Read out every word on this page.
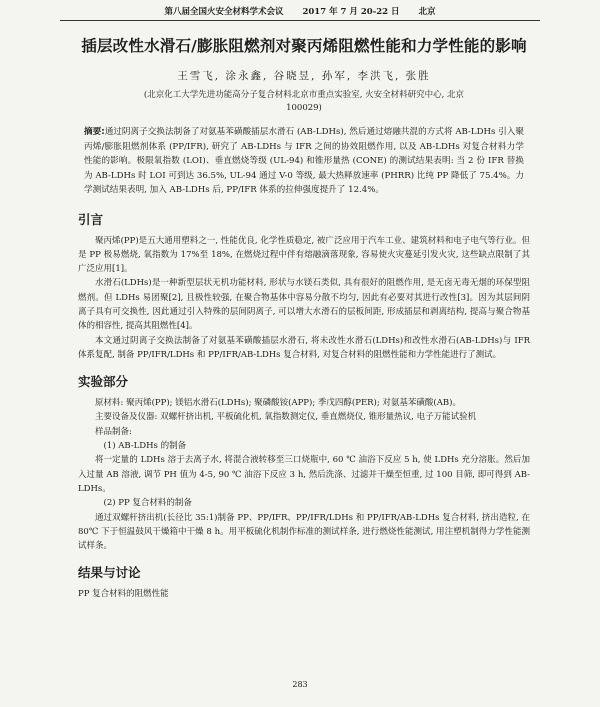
第八届全国火安全材料学术会议 2017 年 7 月 20-22 日 北京
插层改性水滑石/膨胀阻燃剂对聚丙烯阻燃性能和力学性能的影响
王雪飞, 涂永鑫, 谷晓昱, 孙军, 李洪飞, 张胜
(北京化工大学先进功能高分子复合材料北京市重点实验室, 火安全材料研究中心, 北京
100029)
摘要:通过阴离子交换法制备了对氨基苯磺酸插层水滑石 (AB-LDHs), 然后通过熔融共混的方式将 AB-LDHs 引入聚丙烯/膨胀阻燃剂体系 (PP/IFR), 研究了 AB-LDHs 与 IFR 之间的协效阻燃作用, 以及 AB-LDHs 对复合材料力学性能的影响。极限氧指数 (LOI)、垂直燃烧等级 (UL-94) 和锥形量热 (CONE) 的测试结果表明: 当 2 份 IFR 替换为 AB-LDHs 时 LOI 可到达 36.5%, UL-94 通过 V-0 等级, 最大热释放速率 (PHRR) 比纯 PP 降低了 75.4%。力学测试结果表明, 加入 AB-LDHs 后, PP/IFR 体系的拉伸强度提升了 12.4%。
引言

聚丙烯(PP)是五大通用塑料之一, 性能优良, 化学性质稳定, 被广泛应用于汽车工业、建筑材料和电子电气等行业。但是 PP 极易燃烧, 氧指数为 17%至 18%, 在燃烧过程中伴有熔融滴落现象, 容易使火灾蔓延引发火灾, 这些缺点限制了其广泛应用[1]。

水滑石(LDHs)是一种新型层状无机功能材料, 形状与水镁石类似, 具有很好的阻燃作用, 是无卤无毒无烟的环保型阻燃剂。但 LDHs 易团聚[2], 且极性较强, 在聚合物基体中容易分散不均匀, 因此有必要对其进行改性[3]。因为其层间阴离子具有可交换性, 因此通过引入特殊的层间阴离子, 可以增大水滑石的层板间距, 形成插层和剥离结构, 提高与聚合物基体的相容性, 提高其阻燃性[4]。

本文通过阴离子交换法制备了对氨基苯磺酸插层水滑石, 将未改性水滑石(LDHs)和改性水滑石(AB-LDHs)与 IFR 体系复配, 制备 PP/IFR/LDHs 和 PP/IFR/AB-LDHs 复合材料, 对复合材料的阻燃性能和力学性能进行了测试。

实验部分

原材料: 聚丙烯(PP); 镁铝水滑石(LDHs); 聚磷酸铵(APP); 季戊四醇(PER); 对氨基苯磺酸(AB)。

主要设备及仪器: 双螺杆挤出机, 平板硫化机, 氧指数测定仪, 垂直燃烧仪, 锥形量热议, 电子万能试验机

样品制备:

(1) AB-LDHs 的制备

将一定量的 LDHs 溶于去离子水, 将混合液转移至三口烧瓶中, 60 ℃ 油浴下反应 5 h, 使 LDHs 充分溶胀。然后加入过量 AB 溶液, 调节 PH 值为 4-5, 90 ℃ 油浴下反应 3 h, 然后洗涤、过滤并干燥至恒重, 过 100 目筛, 即可得到 AB-LDHs。

(2) PP 复合材料的制备

通过双螺杆挤出机(长径比 35:1)制备 PP、PP/IFR、PP/IFR/LDHs 和 PP/IFR/AB-LDHs 复合材料, 挤出造粒, 在 80℃ 下于恒温鼓风干燥箱中干燥 8 h。用平板硫化机制作标准的测试样条, 进行燃烧性能测试, 用注塑机制得力学性能测试样条。

结果与讨论

PP 复合材料的阻燃性能

283
